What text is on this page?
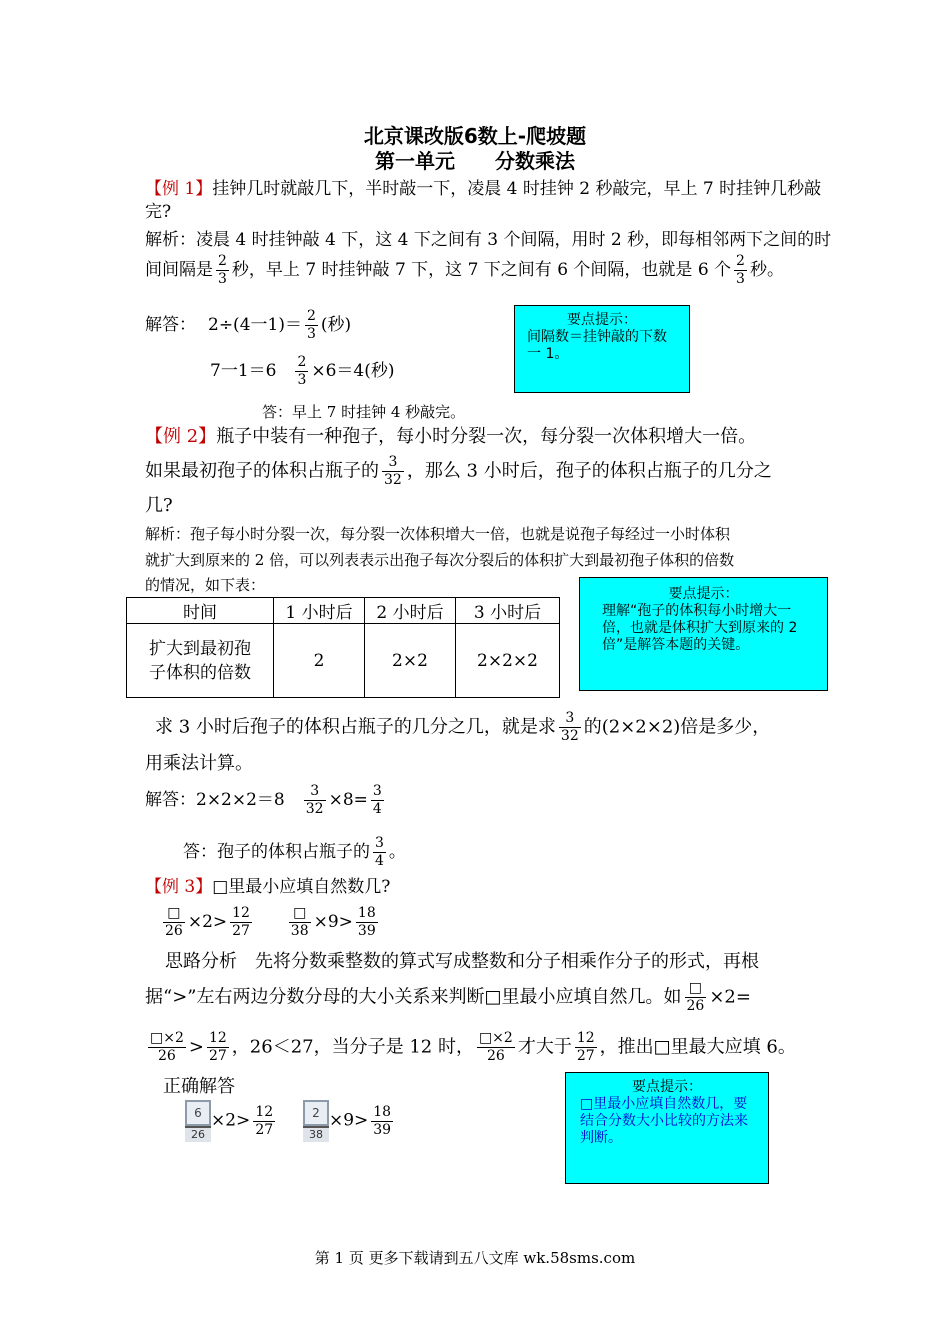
北京课改版6数上-爬坡题
第一单元　　分数乘法
【例 1】挂钟几时就敲几下，半时敲一下，凌晨 4 时挂钟 2 秒敲完，早上 7 时挂钟几秒敲
完?
解析：凌晨 4 时挂钟敲 4 下，这 4 下之间有 3 个间隔，用时 2 秒，即每相邻两下之间的时
间间隔是 $\frac{2}{3}$ 秒，早上 7 时挂钟敲 7 下，这 7 下之间有 6 个间隔，也就是 6 个 $\frac{2}{3}$ 秒。
解答： 2÷(4一$1)= \frac{2}{3}$ (秒)
7一$1=6 \frac{2}{3} \times 6=4$(秒)
答：早上 7 时挂钟 4 秒敲完。
要点提示：
间隔数＝挂钟敲的下数一 1。
【例 2】瓶子中装有一种孢子，每小时分裂一次，每分裂一次体积增大一倍。
如果最初孢子的体积占瓶子的 $\frac{3}{32}$ ，那么 3 小时后，孢子的体积占瓶子的几分之
几?
解析：孢子每小时分裂一次，每分裂一次体积增大一倍，也就是说孢子每经过一小时体积
就扩大到原来的 2 倍，可以列表表示出孢子每次分裂后的体积扩大到最初孢子体积的倍数
的情况，如下表：
时间	1 小时后	2 小时后	3 小时后
扩大到最初孢子体积的倍数	2	2×2	2×2×2
要点提示：
理解“孢子的体积每小时增大一倍，也就是体积扩大到原来的 2 倍”是解答本题的关键。
求 3 小时后孢子的体积占瓶子的几分之几，就是求 $\frac{3}{32}$ 的(2×2×2)倍是多少，
用乘法计算。
解答：$2\times 2\times 2=8 \frac{3}{32} \times 8= \frac{3}{4}$
答：孢子的体积占瓶子的 $\frac{3}{4}$ 。
【例 3】□里最小应填自然数几?
$\frac{□}{26} \times 2> \frac{12}{27}$
	$\frac{□}{38} \times 9> \frac{18}{39}$
思路分析　先将分数乘整数的算式写成整数和分子相乘作分子的形式，再根
据“>”左右两边分数分母的大小关系来判断□里最小应填自然几。如 $\frac{□}{26} \times 2=$
$\frac{□\times 2}{26} > \frac{12}{27}$ ，26＜27，当分子是 12 时， $\frac{□\times 2}{26}$ 才大于 $\frac{12}{27}$ ，推出□里最大应填 6。
正确解答
$\frac{6}{26} \times 2> \frac{12}{27} \frac{2}{38} \times 9> \frac{18}{39}$
要点提示：
□里最小应填自然数几，要结合分数大小比较的方法来判断。
第 1 页 更多下载请到五八文库 wk.58sms.com
